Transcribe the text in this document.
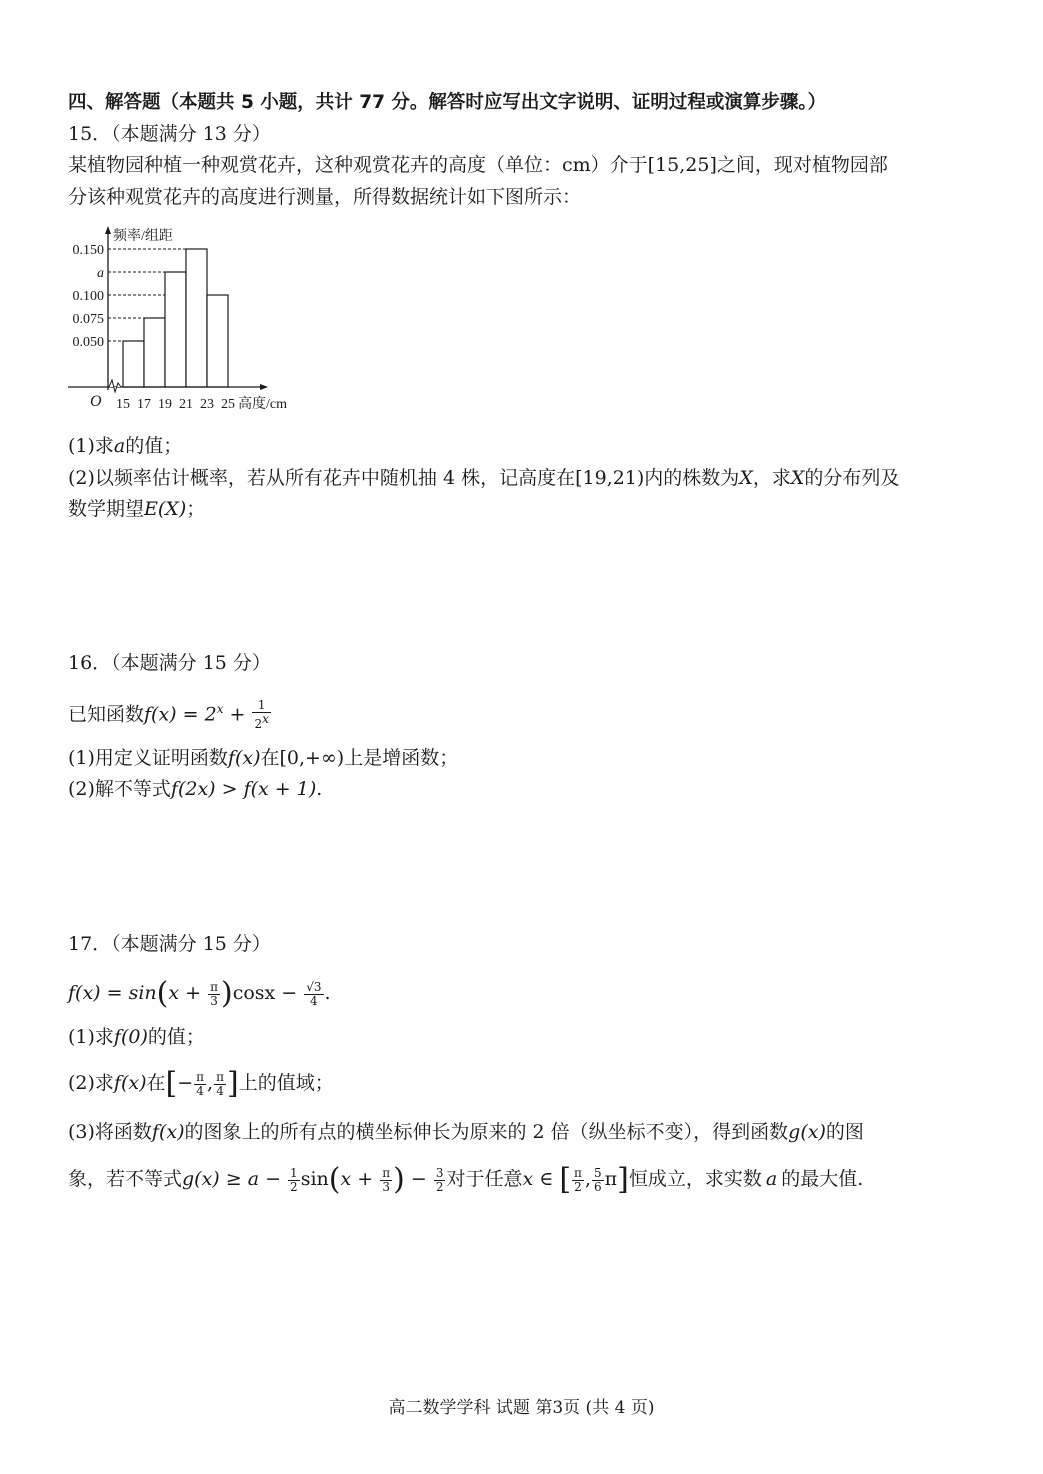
四、解答题（本题共 5 小题，共计 77 分。解答时应写出文字说明、证明过程或演算步骤。）
15．（本题满分 13 分）
某植物园种植一种观赏花卉，这种观赏花卉的高度（单位：cm）介于[15,25]之间，现对植物园部
分该种观赏花卉的高度进行测量，所得数据统计如下图所示：
频率/组距
O	高度/cm
0.050
0.075
0.100
a
0.150
15 17 19 21 23 25
(1)求a的值；
(2)以频率估计概率，若从所有花卉中随机抽 4 株，记高度在[19,21)内的株数为X，求X的分布列及
数学期望E(X)；
16．（本题满分 15 分）
已知函数$f(x) = 2^x + \frac{1}{2^x}$
(1)用定义证明函数f(x)在[0,+∞)上是增函数；
(2)解不等式f(2x) > f(x + 1).
17．（本题满分 15 分）
$f(x) = \sin(x + \frac{\pi}{3} )\cos x - \frac{√3}{4}$ .
(1)求f(0)的值；
(2)求f(x)在[− $\frac{\pi}{4}$ , $\frac{\pi}{4}$ ]上的值域；
(3)将函数f(x)的图象上的所有点的横坐标伸长为原来的 2 倍（纵坐标不变），得到函数g(x)的图
象，若不等式$g(x) \ge a - \frac{1}{2} \sin(x + \frac{\pi}{3}$ ) − $\frac{3}{2}$ 对于任意x ∈ [ $\frac{\pi}{2}$ , $\frac{5}{6} \pi$]恒成立，求实数 a 的最大值.
高二数学学科 试题 第3页 (共 4 页)
